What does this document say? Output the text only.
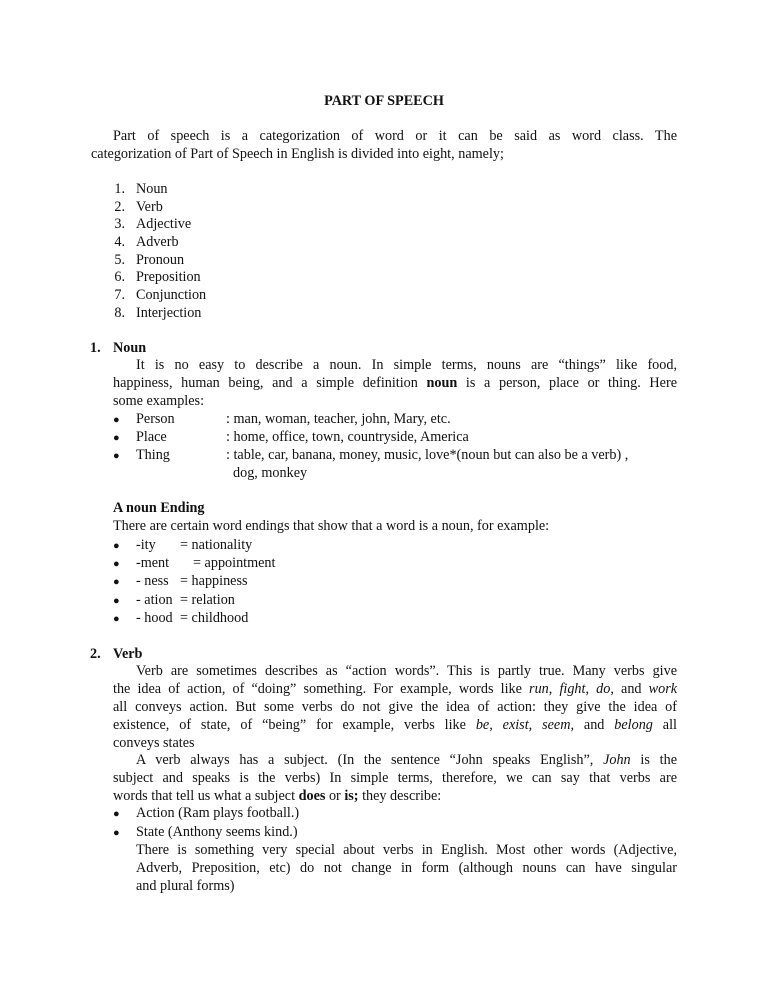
PART OF SPEECH
Part of speech is a categorization of word or it can be said as word class. The
categorization of Part of Speech in English is divided into eight, namely;
1. Noun
2. Verb
3. Adjective
4. Adverb
5. Pronoun
6. Preposition
7. Conjunction
8. Interjection
1. Noun
It is no easy to describe a noun. In simple terms, nouns are “things” like food,
happiness, human being, and a simple definition noun is a person, place or thing. Here
some examples:
● Person	: man, woman, teacher, john, Mary, etc.
● Place	: home, office, town, countryside, America
● Thing	: table, car, banana, money, music, love*(noun but can also be a verb) ,
dog, monkey
A noun Ending
There are certain word endings that show that a word is a noun, for example:
● -ity = nationality
● -ment = appointment
● - ness = happiness
● - ation = relation
● - hood = childhood
2. Verb
Verb are sometimes describes as “action words”. This is partly true. Many verbs give
the idea of action, of “doing” something. For example, words like run, fight, do, and work
all conveys action. But some verbs do not give the idea of action: they give the idea of
existence, of state, of “being” for example, verbs like be, exist, seem, and belong all
conveys states
A verb always has a subject. (In the sentence “John speaks English”, John is the
subject and speaks is the verbs) In simple terms, therefore, we can say that verbs are
words that tell us what a subject does or is; they describe:
● Action (Ram plays football.)
● State (Anthony seems kind.)
There is something very special about verbs in English. Most other words (Adjective,
Adverb, Preposition, etc) do not change in form (although nouns can have singular
and plural forms)
